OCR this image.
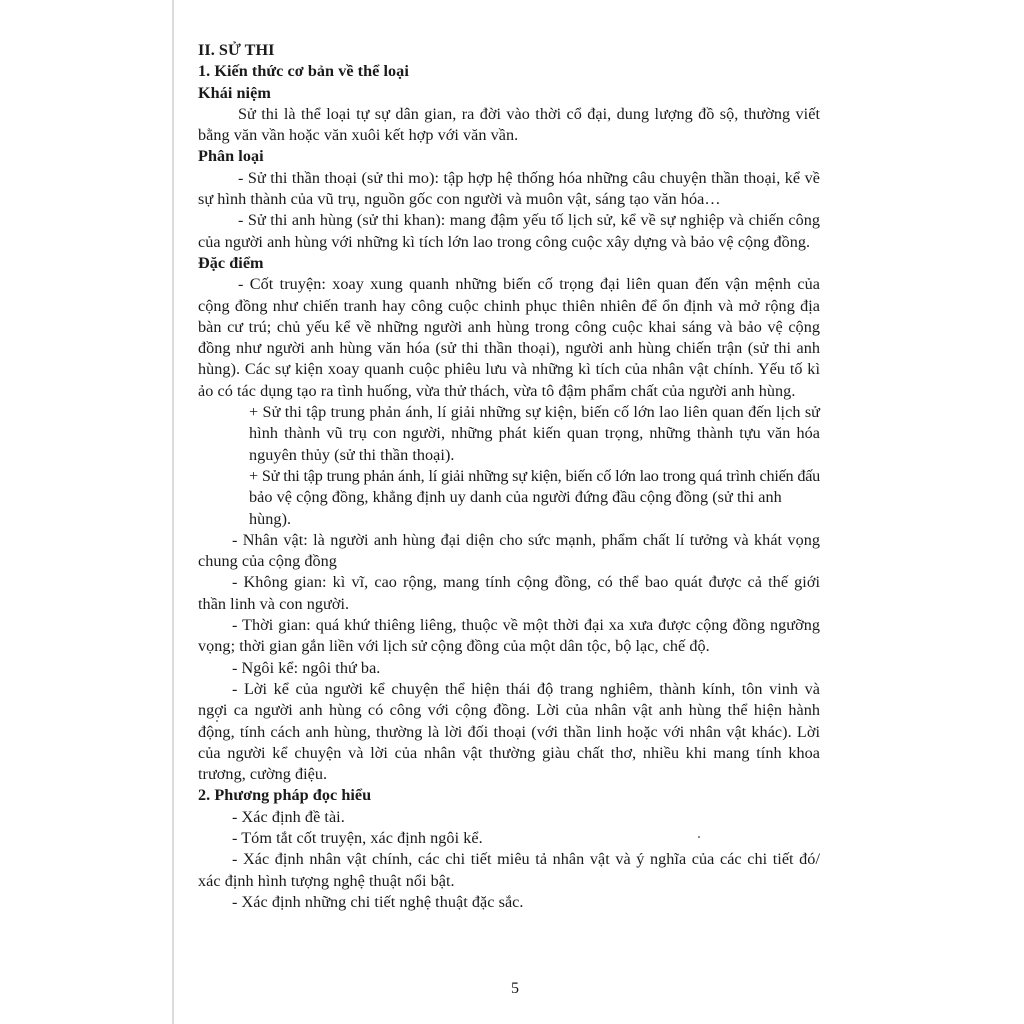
II. SỬ THI

1. Kiến thức cơ bản về thể loại

Khái niệm

Sử thi là thể loại tự sự dân gian, ra đời vào thời cổ đại, dung lượng đồ sộ, thường viết

bằng văn vần hoặc văn xuôi kết hợp với văn vần.

Phân loại

- Sử thi thần thoại (sử thi mo): tập hợp hệ thống hóa những câu chuyện thần thoại, kể về

sự hình thành của vũ trụ, nguồn gốc con người và muôn vật, sáng tạo văn hóa…

- Sử thi anh hùng (sử thi khan): mang đậm yếu tố lịch sử, kể về sự nghiệp và chiến công

của người anh hùng với những kì tích lớn lao trong công cuộc xây dựng và bảo vệ cộng đồng.

Đặc điểm

- Cốt truyện: xoay xung quanh những biến cố trọng đại liên quan đến vận mệnh của

cộng đồng như chiến tranh hay công cuộc chinh phục thiên nhiên để ổn định và mở rộng địa

bàn cư trú; chủ yếu kể về những người anh hùng trong công cuộc khai sáng và bảo vệ cộng

đồng như người anh hùng văn hóa (sử thi thần thoại), người anh hùng chiến trận (sử thi anh

hùng). Các sự kiện xoay quanh cuộc phiêu lưu và những kì tích của nhân vật chính. Yếu tố kì

ảo có tác dụng tạo ra tình huống, vừa thử thách, vừa tô đậm phẩm chất của người anh hùng.

+ Sử thi tập trung phản ánh, lí giải những sự kiện, biến cố lớn lao liên quan đến lịch sử

hình thành vũ trụ con người, những phát kiến quan trọng, những thành tựu văn hóa

nguyên thủy (sử thi thần thoại).

+ Sử thi tập trung phản ánh, lí giải những sự kiện, biến cố lớn lao trong quá trình chiến đấu

bảo vệ cộng đồng, khẳng định uy danh của người đứng đầu cộng đồng (sử thi anh hùng).

- Nhân vật: là người anh hùng đại diện cho sức mạnh, phẩm chất lí tưởng và khát vọng

chung của cộng đồng

- Không gian: kì vĩ, cao rộng, mang tính cộng đồng, có thể bao quát được cả thế giới

thần linh và con người.

- Thời gian: quá khứ thiêng liêng, thuộc về một thời đại xa xưa được cộng đồng ngưỡng

vọng; thời gian gắn liền với lịch sử cộng đồng của một dân tộc, bộ lạc, chế độ.

- Ngôi kể: ngôi thứ ba.

- Lời kể của người kể chuyện thể hiện thái độ trang nghiêm, thành kính, tôn vinh và

ngợi ca người anh hùng có công với cộng đồng. Lời của nhân vật anh hùng thể hiện hành

động, tính cách anh hùng, thường là lời đối thoại (với thần linh hoặc với nhân vật khác). Lời

của người kể chuyện và lời của nhân vật thường giàu chất thơ, nhiều khi mang tính khoa

trương, cường điệu.

2. Phương pháp đọc hiểu

- Xác định đề tài.

- Tóm tắt cốt truyện, xác định ngôi kể.

- Xác định nhân vật chính, các chi tiết miêu tả nhân vật và ý nghĩa của các chi tiết đó/

xác định hình tượng nghệ thuật nổi bật.

- Xác định những chi tiết nghệ thuật đặc sắc.

5
